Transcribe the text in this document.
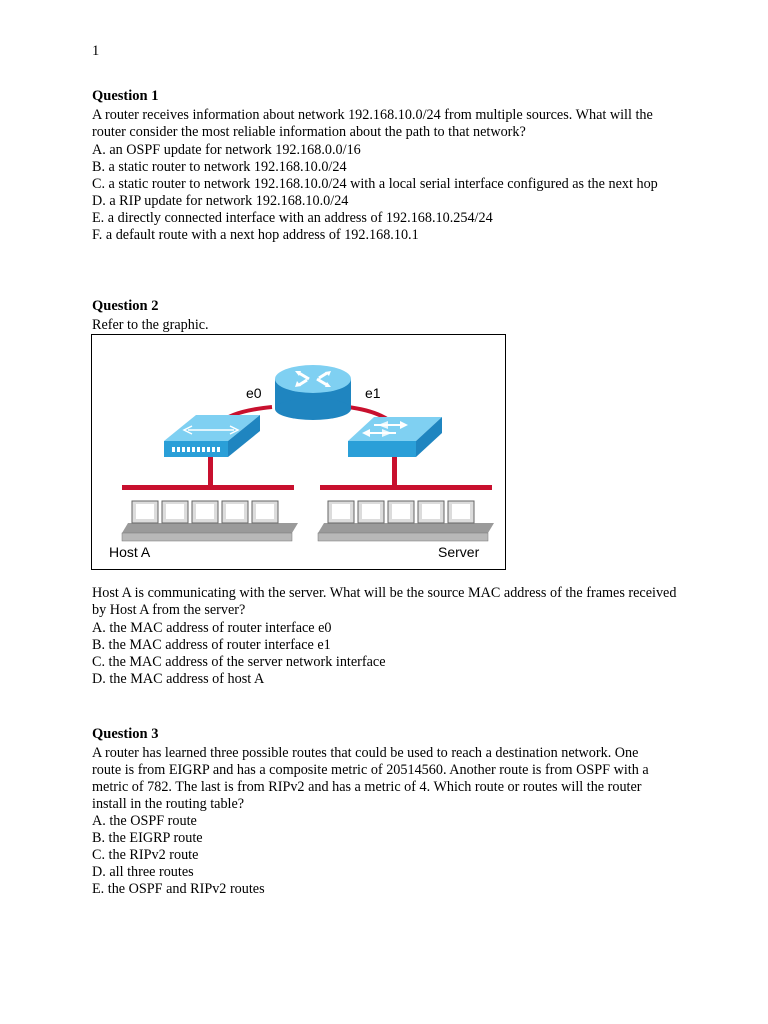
1
Question 1

A router receives information about network 192.168.10.0/24 from multiple sources. What will the router consider the most reliable information about the path to that network?

A. an OSPF update for network 192.168.0.0/16
B. a static router to network 192.168.10.0/24
C. a static router to network 192.168.10.0/24 with a local serial interface configured as the next hop
D. a RIP update for network 192.168.10.0/24
E. a directly connected interface with an address of 192.168.10.254/24
F. a default route with a next hop address of 192.168.10.1
Question 2
Refer to the graphic.
e0	e1
Host A	Server
Host A is communicating with the server. What will be the source MAC address of the frames received by Host A from the server?
A. the MAC address of router interface e0
B. the MAC address of router interface e1
C. the MAC address of the server network interface
D. the MAC address of host A
Question 3
A router has learned three possible routes that could be used to reach a destination network. One route is from EIGRP and has a composite metric of 20514560. Another route is from OSPF with a metric of 782. The last is from RIPv2 and has a metric of 4. Which route or routes will the router install in the routing table?
A. the OSPF route
B. the EIGRP route
C. the RIPv2 route
D. all three routes
E. the OSPF and RIPv2 routes
